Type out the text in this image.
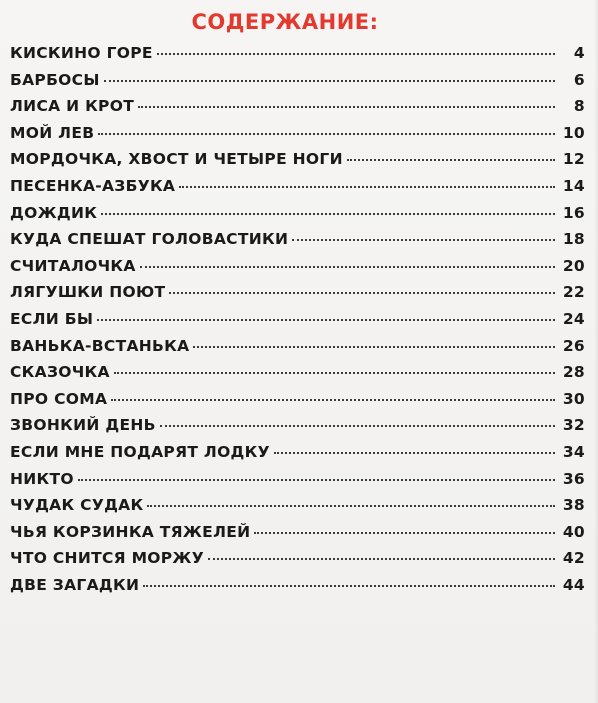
СОДЕРЖАНИЕ:
КИСКИНО ГОРЕ	4
БАРБОСЫ	6
ЛИСА И КРОТ	8
МОЙ ЛЕВ	10
МОРДОЧКА, ХВОСТ И ЧЕТЫРЕ НОГИ	12
ПЕСЕНКА-АЗБУКА	14
ДОЖДИК	16
КУДА СПЕШАТ ГОЛОВАСТИКИ	18
СЧИТАЛОЧКА	20
ЛЯГУШКИ ПОЮТ	22
ЕСЛИ БЫ	24
ВАНЬКА-ВСТАНЬКА	26
СКАЗОЧКА	28
ПРО СОМА	30
ЗВОНКИЙ ДЕНЬ	32
ЕСЛИ МНЕ ПОДАРЯТ ЛОДКУ	34
НИКТО	36
ЧУДАК СУДАК	38
ЧЬЯ КОРЗИНКА ТЯЖЕЛЕЙ	40
ЧТО СНИТСЯ МОРЖУ	42
ДВЕ ЗАГАДКИ	44
